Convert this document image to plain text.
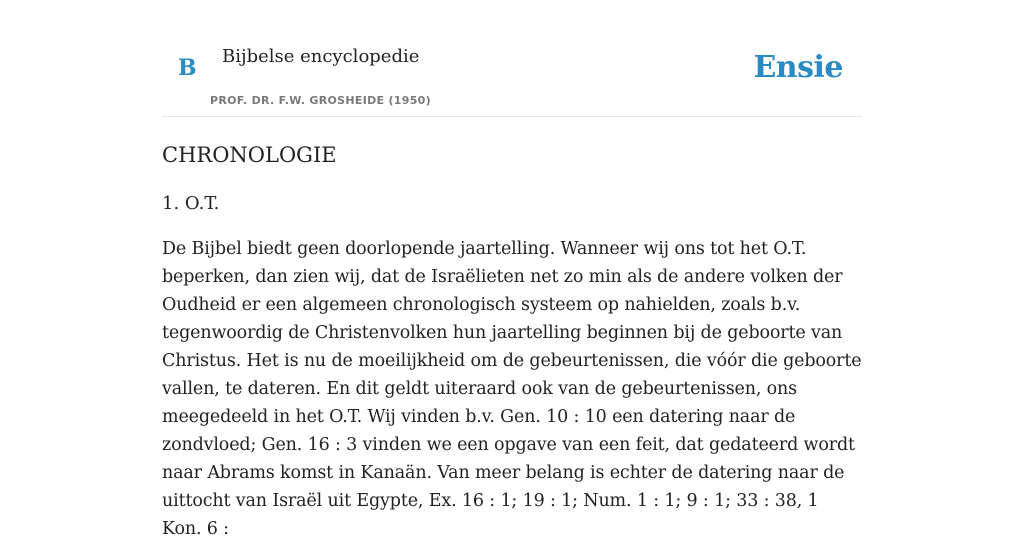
B Bijbelse encyclopedie
PROF. DR. F.W. GROSHEIDE (1950)
Ensie
CHRONOLOGIE
1. O.T.

De Bijbel biedt geen doorlopende jaartelling. Wanneer wij ons tot het O.T.
beperken, dan zien wij, dat de Israëlieten net zo min als de andere volken der
Oudheid er een algemeen chronologisch systeem op nahielden, zoals b.v.
tegenwoordig de Christenvolken hun jaartelling beginnen bij de geboorte van
Christus. Het is nu de moeilijkheid om de gebeurtenissen, die vóór die geboorte
vallen, te dateren. En dit geldt uiteraard ook van de gebeurtenissen, ons
meegedeeld in het O.T. Wij vinden b.v. Gen. 10 : 10 een datering naar de
zondvloed; Gen. 16 : 3 vinden we een opgave van een feit, dat gedateerd wordt
naar Abrams komst in Kanaän. Van meer belang is echter de datering naar de
uittocht van Israël uit Egypte, Ex. 16 : 1; 19 : 1; Num. 1 : 1; 9 : 1; 33 : 38, 1 Kon. 6 :
